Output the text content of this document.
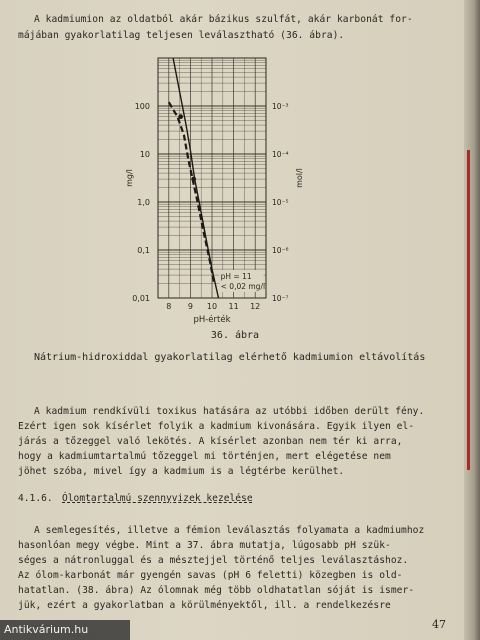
A kadmiumion az oldatból akár bázikus szulfát, akár karbonát for-
májában gyakorlatilag teljesen leválasztható (36. ábra).
8 9 10 11 12
100
10
1,0
0,1
0,01
10⁻³
10⁻⁴
10⁻⁵
10⁻⁶
10⁻⁷
pH-érték
mg/l	mol/l
pH = 11
< 0,02 mg/l
36. ábra
Nátrium-hidroxiddal gyakorlatilag elérhető kadmiumion eltávolítás
A kadmium rendkívüli toxikus hatására az utóbbi időben derült fény.
Ezért igen sok kísérlet folyik a kadmium kivonására. Egyik ilyen el-
járás a tőzeggel való lekötés. A kísérlet azonban nem tér ki arra,
hogy a kadmiumtartalmú tőzeggel mi történjen, mert elégetése nem
jöhet szóba, mivel így a kadmium is a légtérbe kerülhet.
4.1.6. Ólomtartalmú szennyvizek kezelése
A semlegesítés, illetve a fémion leválasztás folyamata a kadmiumhoz
hasonlóan megy végbe. Mint a 37. ábra mutatja, lúgosabb pH szük-
séges a nátronluggal és a mésztejjel történő teljes leválasztáshoz.
Az ólom-karbonát már gyengén savas (pH 6 feletti) közegben is old-
hatatlan. (38. ábra) Az ólomnak még több oldhatatlan sóját is ismer-
jük, ezért a gyakorlatban a körülményektől, ill. a rendelkezésre
47
Antikvárium.hu
